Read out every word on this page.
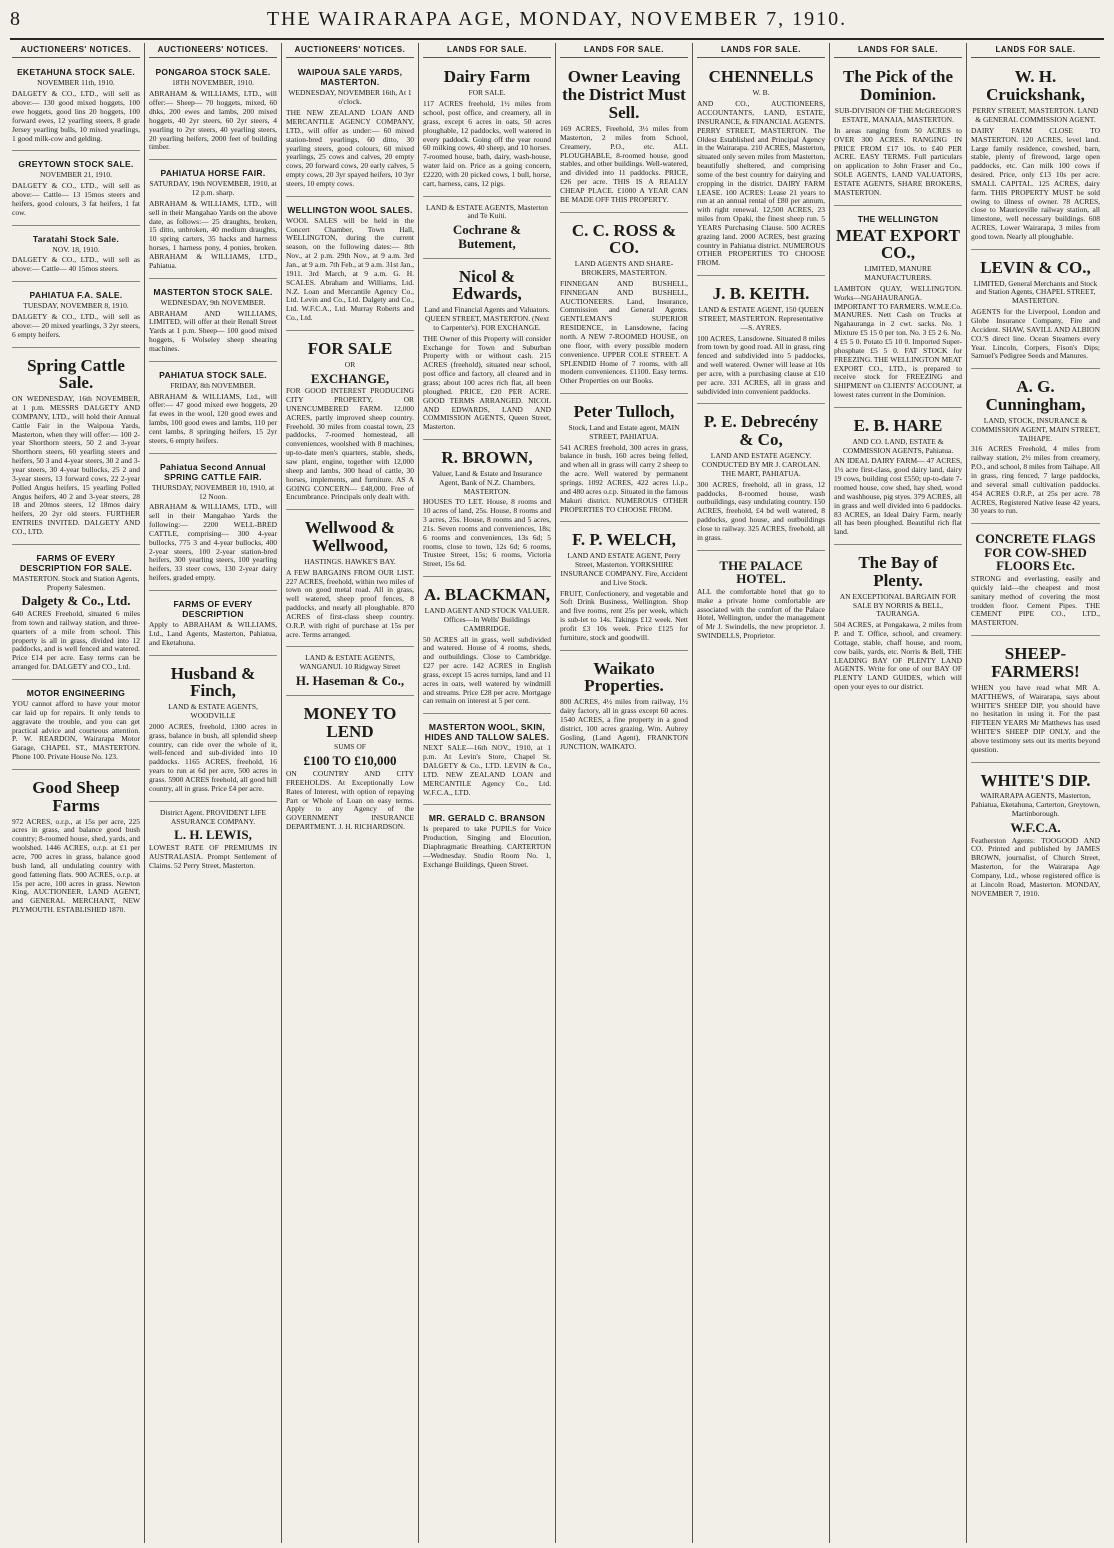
8	THE WAIRARAPA AGE, MONDAY, NOVEMBER 7, 1910.
AUCTIONEERS' NOTICES.
EKETAHUNA STOCK SALE.
NOVEMBER 11th, 1910.
DALGETY & CO., LTD., will sell as above:— 130 good mixed hoggets, 100 ewe hoggets, good lins 20 hoggets, 100 forward ewes, 12 yearling steers, 8 grade Jersey yearling bulls, 10 mixed yearlings, 1 good milk-cow and gelding.
GREYTOWN STOCK SALE.
NOVEMBER 21, 1910.
DALGETY & CO., LTD., will sell as above:— Cattle— 13 15mos steers and heifers, good colours, 3 fat heifers, 1 fat cow.
Taratahi Stock Sale.
NOV. 18, 1910.
DALGETY & CO., LTD., will sell as above:— Cattle— 40 15mos steers.
PAHIATUA F.A. SALE.
TUESDAY, NOVEMBER 8, 1910.
DALGETY & CO., LTD., will sell as above:— 20 mixed yearlings, 3 2yr steers, 6 empty heifers.
Spring Cattle Sale.
ON WEDNESDAY, 16th NOVEMBER, at 1 p.m. MESSRS DALGETY AND COMPANY, LTD., will hold their Annual Cattle Fair in the Waipoua Yards, Masterton, when they will offer:— 100 2-year Shorthorn steers, 50 2 and 3-year Shorthorn steers, 60 yearling steers and heifers, 50 3 and 4-year steers, 30 2 and 3-year steers, 30 4-year bullocks, 25 2 and 3-year steers, 13 forward cows, 22 2-year Polled Angus heifers, 15 yearling Polled Angus heifers, 40 2 and 3-year steers, 28 18 and 20mos steers, 12 18mos dairy heifers, 20 2yr old steers. FURTHER ENTRIES INVITED. DALGETY AND CO., LTD.
FARMS OF EVERY DESCRIPTION FOR SALE.
MASTERTON. Stock and Station Agents, Property Salesmen.
Dalgety & Co., Ltd.
640 ACRES Freehold, situated 6 miles from town and railway station, and three-quarters of a mile from school. This property is all in grass, divided into 12 paddocks, and is well fenced and watered. Price £14 per acre. Easy terms can be arranged for. DALGETY and CO., Ltd.
MOTOR ENGINEERING
YOU cannot afford to have your motor car laid up for repairs. It only tends to aggravate the trouble, and you can get practical advice and courteous attention. P. W. REARDON, Wairarapa Motor Garage, CHAPEL ST., MASTERTON. Phone 100. Private House No. 123.
Good Sheep Farms
972 ACRES, o.r.p., at 15s per acre, 225 acres in grass, and balance good bush country; 8-roomed house, shed, yards, and woolshed. 1446 ACRES, o.r.p. at £1 per acre, 700 acres in grass, balance good bush land, all undulating country with good fattening flats. 900 ACRES, o.r.p. at 15s per acre, 100 acres in grass. Newton King, AUCTIONEER, LAND AGENT, and GENERAL MERCHANT, NEW PLYMOUTH. ESTABLISHED 1870.
AUCTIONEERS' NOTICES.
PONGAROA STOCK SALE.
18TH NOVEMBER, 1910.
ABRAHAM & WILLIAMS, LTD., will offer:— Sheep— 70 hoggets, mixed, 60 dhks, 200 ewes and lambs, 200 mixed hoggets, 40 2yr steers, 60 2yr steers, 4 yearling to 2yr steers, 40 yearling steers, 20 yearling heifers, 2000 feet of building timber.
PAHIATUA HORSE FAIR.
SATURDAY, 19th NOVEMBER, 1910, at 12 p.m. sharp.
ABRAHAM & WILLIAMS, LTD., will sell in their Mangahao Yards on the above date, as follows:— 25 draughts, broken, 15 ditto, unbroken, 40 medium draughts, 10 spring carters, 35 hacks and harness horses, 1 harness pony, 4 ponies, broken. ABRAHAM & WILLIAMS, LTD., Pahiatua.
MASTERTON STOCK SALE.
WEDNESDAY, 9th NOVEMBER.
ABRAHAM AND WILLIAMS, LIMITED, will offer at their Renall Street Yards at 1 p.m. Sheep— 100 good mixed hoggets, 6 Wolseley sheep shearing machines.
PAHIATUA STOCK SALE.
FRIDAY, 8th NOVEMBER.
ABRAHAM & WILLIAMS, Ltd., will offer:— 47 good mixed ewe hoggets, 20 fat ewes in the wool, 120 good ewes and lambs, 100 good ewes and lambs, 110 per cent lambs, 8 springing heifers, 15 2yr steers, 6 empty heifers.
Pahiatua Second Annual SPRING CATTLE FAIR.
THURSDAY, NOVEMBER 10, 1910, at 12 Noon.
ABRAHAM & WILLIAMS, LTD., will sell in their Mangahao Yards the following:— 2200 WELL-BRED CATTLE, comprising— 300 4-year bullocks, 775 3 and 4-year bullocks, 400 2-year steers, 100 2-year station-bred heifers, 300 yearling steers, 100 yearling heifers, 33 steer cows, 130 2-year dairy heifers, graded empty.
FARMS OF EVERY DESCRIPTION
Apply to ABRAHAM & WILLIAMS, Ltd., Land Agents, Masterton, Pahiatua, and Eketahuna.
Husband & Finch,
LAND & ESTATE AGENTS, WOODVILLE
2000 ACRES, freehold, 1300 acres in grass, balance in bush, all splendid sheep country, can ride over the whole of it, well-fenced and sub-divided into 10 paddocks. 1165 ACRES, freehold, 16 years to run at 6d per acre, 500 acres in grass. 5900 ACRES freehold, all good hill country, all in grass. Price £4 per acre.
District Agent. PROVIDENT LIFE ASSURANCE COMPANY.
L. H. LEWIS,
LOWEST RATE OF PREMIUMS IN AUSTRALASIA. Prompt Settlement of Claims. 52 Perry Street, Masterton.
AUCTIONEERS' NOTICES.
WAIPOUA SALE YARDS, MASTERTON.
WEDNESDAY, NOVEMBER 16th, At 1 o'clock.
THE NEW ZEALAND LOAN AND MERCANTILE AGENCY COMPANY, LTD., will offer as under:— 60 mixed station-bred yearlings, 60 ditto, 30 yearling steers, good colours, 60 mixed yearlings, 25 cows and calves, 20 empty cows, 20 forward cows, 20 early calves, 5 empty cows, 20 3yr spayed heifers, 10 3yr steers, 10 empty cows.
WELLINGTON WOOL SALES.
WOOL SALES will be held in the Concert Chamber, Town Hall, WELLINGTON, during the current season, on the following dates:— 8th Nov., at 2 p.m. 29th Nov., at 9 a.m. 3rd Jan., at 9 a.m. 7th Feb., at 9 a.m. 31st Jan., 1911. 3rd March, at 9 a.m. G. H. SCALES. Abraham and Williams, Ltd. N.Z. Loan and Mercantile Agency Co., Ltd. Levin and Co., Ltd. Dalgety and Co., Ltd. W.F.C.A., Ltd. Murray Roberts and Co., Ltd.
FOR SALE
OR
EXCHANGE,
FOR GOOD INTEREST PRODUCING CITY PROPERTY, OR UNENCUMBERED FARM. 12,000 ACRES, partly improved sheep country. Freehold. 30 miles from coastal town, 23 paddocks, 7-roomed homestead, all conveniences, woolshed with 8 machines, up-to-date men's quarters, stable, sheds, saw plant, engine, together with 12,000 sheep and lambs, 300 head of cattle, 30 horses, implements, and furniture. AS A GOING CONCERN— £48,000. Free of Encumbrance. Principals only dealt with.
Wellwood & Wellwood,
HASTINGS. HAWKE'S BAY.
A FEW BARGAINS FROM OUR LIST. 227 ACRES, freehold, within two miles of town on good metal road. All in grass, well watered, sheep proof fences, 8 paddocks, and nearly all ploughable. 870 ACRES of first-class sheep country. O.R.P. with right of purchase at 15s per acre. Terms arranged.
LAND & ESTATE AGENTS, WANGANUI. 10 Ridgway Street
H. Haseman & Co.,
MONEY TO LEND
SUMS OF
£100 TO £10,000
ON COUNTRY AND CITY FREEHOLDS. At Exceptionally Low Rates of Interest, with option of repaying Part or Whole of Loan on easy terms. Apply to any Agency of the GOVERNMENT INSURANCE DEPARTMENT. J. H. RICHARDSON.
LANDS FOR SALE.
Dairy Farm
FOR SALE.
117 ACRES freehold, 1½ miles from school, post office, and creamery, all in grass, except 6 acres in oats, 50 acres ploughable, 12 paddocks, well watered in every paddock. Going off the year round 60 milking cows, 40 sheep, and 10 horses. 7-roomed house, bath, dairy, wash-house, water laid on. Price as a going concern, £2220, with 20 picked cows, 1 bull, horse, cart, harness, cans, 12 pigs.
LAND & ESTATE AGENTS, Masterton and Te Kuiti.
Cochrane & Butement,
Nicol & Edwards,
Land and Financial Agents and Valuators. QUEEN STREET, MASTERTON. (Next to Carpenter's). FOR EXCHANGE.
THE Owner of this Property will consider Exchange for Town and Suburban Property with or without cash. 215 ACRES (freehold), situated near school, post office and factory, all cleared and in grass; about 100 acres rich flat, all been ploughed. PRICE, £20 PER ACRE. GOOD TERMS ARRANGED. NICOL AND EDWARDS, LAND AND COMMISSION AGENTS, Queen Street, Masterton.
R. BROWN,
Valuer, Land & Estate and Insurance Agent, Bank of N.Z. Chambers, MASTERTON.
HOUSES TO LET. House, 8 rooms and 10 acres of land, 25s. House, 8 rooms and 3 acres, 25s. House, 8 rooms and 5 acres, 21s. Seven rooms and conveniences, 18s; 6 rooms and conveniences, 13s 6d; 5 rooms, close to town, 12s 6d; 6 rooms, Trustee Street, 15s; 6 rooms, Victoria Street, 15s 6d.
A. BLACKMAN,
LAND AGENT AND STOCK VALUER. Offices—In Wells' Buildings CAMBRIDGE.
50 ACRES all in grass, well subdivided and watered. House of 4 rooms, sheds, and outbuildings. Close to Cambridge. £27 per acre. 142 ACRES in English grass, except 15 acres turnips, land and 11 acres in oats, well watered by windmill and streams. Price £28 per acre. Mortgage can remain on interest at 5 per cent.
MASTERTON WOOL, SKIN, HIDES AND TALLOW SALES.
NEXT SALE—16th NOV., 1910, at 1 p.m. At Levin's Store, Chapel St. DALGETY & Co., LTD. LEVIN & Co., LTD. NEW ZEALAND LOAN and MERCANTILE Agency Co., Ltd. W.F.C.A., LTD.
MR. GERALD C. BRANSON
Is prepared to take PUPILS for Voice Production, Singing and Elocution, Diaphragmatic Breathing. CARTERTON—Wednesday. Studio Room No. 1, Exchange Buildings, Queen Street.
LANDS FOR SALE.
Owner Leaving the District Must Sell.
169 ACRES, Freehold, 3½ miles from Masterton, 2 miles from School, Creamery, P.O., etc. ALL PLOUGHABLE, 8-roomed house, good stables, and other buildings. Well-watered, and divided into 11 paddocks. PRICE, £26 per acre. THIS IS A REALLY CHEAP PLACE. £1000 A YEAR CAN BE MADE OFF THIS PROPERTY.
C. C. ROSS & CO.
LAND AGENTS AND SHARE-BROKERS, MASTERTON.
FINNEGAN AND BUSHELL, FINNEGAN AND BUSHELL, AUCTIONEERS. Land, Insurance, Commission and General Agents. GENTLEMAN'S SUPERIOR RESIDENCE, in Lansdowne, facing north. A NEW 7-ROOMED HOUSE, on one floor, with every possible modern convenience. UPPER COLE STREET. A SPLENDID Home of 7 rooms, with all modern conveniences. £1100. Easy terms. Other Properties on our Books.
Peter Tulloch,
Stock, Land and Estate agent, MAIN STREET, PAHIATUA.
541 ACRES freehold, 300 acres in grass, balance in bush, 160 acres being felled, and when all in grass will carry 2 sheep to the acre. Well watered by permanent springs. 1092 ACRES, 422 acres l.i.p., and 480 acres o.r.p. Situated in the famous Makuri district. NUMEROUS OTHER PROPERTIES TO CHOOSE FROM.
F. P. WELCH,
LAND AND ESTATE AGENT, Perry Street, Masterton. YORKSHIRE INSURANCE COMPANY. Fire, Accident and Live Stock.
FRUIT, Confectionery, and vegetable and Soft Drink Business, Wellington. Shop and five rooms, rent 25s per week, which is sub-let to 14s. Takings £12 week. Nett profit £3 10s week. Price £125 for furniture, stock and goodwill.
Waikato Properties.
800 ACRES, 4½ miles from railway, 1½ dairy factory, all in grass except 60 acres. 1540 ACRES, a fine property in a good district, 100 acres grazing. Wm. Aubrey Gosling, (Land Agent), FRANKTON JUNCTION, WAIKATO.
LANDS FOR SALE.
CHENNELLS
W. B.
AND CO., AUCTIONEERS, ACCOUNTANTS, LAND, ESTATE, INSURANCE, & FINANCIAL AGENTS. PERRY STREET, MASTERTON. The Oldest Established and Principal Agency in the Wairarapa. 210 ACRES, Masterton, situated only seven miles from Masterton, beautifully sheltered, and comprising some of the best country for dairying and cropping in the district. DAIRY FARM LEASE. 100 ACRES: Lease 21 years to run at an annual rental of £80 per annum, with right renewal. 12,500 ACRES, 23 miles from Opaki, the finest sheep run. 5 YEARS Purchasing Clause. 500 ACRES grazing land. 2000 ACRES, best grazing country in Pahiatua district. NUMEROUS OTHER PROPERTIES TO CHOOSE FROM.
J. B. KEITH.
LAND & ESTATE AGENT, 150 QUEEN STREET, MASTERTON. Representative—S. AYRES.
100 ACRES, Lansdowne. Situated 8 miles from town by good road. All in grass, ring fenced and subdivided into 5 paddocks, and well watered. Owner will lease at 10s per acre, with a purchasing clause at £10 per acre. 331 ACRES, all in grass and subdivided into convenient paddocks.
P. E. Debrecény & Co,
LAND AND ESTATE AGENCY. CONDUCTED BY MR J. CAROLAN. THE MART, PAHIATUA.
300 ACRES, freehold, all in grass, 12 paddocks, 8-roomed house, wash outbuildings, easy undulating country. 150 ACRES, freehold, £4 bd well watered, 8 paddocks, good house, and outbuildings close to railway. 325 ACRES, freehold, all in grass.
THE PALACE HOTEL.
ALL the comfortable hotel that go to make a private home comfortable are associated with the comfort of the Palace Hotel, Wellington, under the management of Mr J. Swindells, the new proprietor. J. SWINDELLS, Proprietor.
LANDS FOR SALE.
The Pick of the Dominion.
SUB-DIVISION OF THE McGREGOR'S ESTATE, MANAIA, MASTERTON.
In areas ranging from 50 ACRES to OVER 300 ACRES. RANGING IN PRICE FROM £17 10s. to £40 PER ACRE. EASY TERMS. Full particulars on application to John Fraser and Co., SOLE AGENTS, LAND VALUATORS, ESTATE AGENTS, SHARE BROKERS, MASTERTON.
THE WELLINGTON
MEAT EXPORT CO.,
LIMITED, MANURE MANUFACTURERS.
LAMBTON QUAY, WELLINGTON. Works—NGAHAURANGA. IMPORTANT TO FARMERS. W.M.E.Co. MANURES. Nett Cash on Trucks at Ngahauranga in 2 cwt. sacks. No. 1 Mixture £5 15 0 per ton. No. 3 £5 2 6. No. 4 £5 5 0. Potato £5 10 0. Imported Super-phosphate £5 5 0. FAT STOCK for FREEZING. THE WELLINGTON MEAT EXPORT CO., LTD., is prepared to receive stock for FREEZING and SHIPMENT on CLIENTS' ACCOUNT, at lowest rates current in the Dominion.
E. B. HARE
AND CO. LAND, ESTATE & COMMISSION AGENTS, Pahiatua.
AN IDEAL DAIRY FARM— 47 ACRES, 1½ acre first-class, good dairy land, dairy 19 cows, building cost £550; up-to-date 7-roomed house, cow shed, hay shed, wood and washhouse, pig styes. 379 ACRES, all in grass and well divided into 6 paddocks. 83 ACRES, an Ideal Dairy Farm, nearly all has been ploughed. Beautiful rich flat land.
The Bay of Plenty.
AN EXCEPTIONAL BARGAIN FOR SALE BY NORRIS & BELL, TAURANGA.
504 ACRES, at Pongakawa, 2 miles from P. and T. Office, school, and creamery. Cottage, stable, chaff house, and room, cow bails, yards, etc. Norris & Bell, THE LEADING BAY OF PLENTY LAND AGENTS. Write for one of our BAY OF PLENTY LAND GUIDES, which will open your eyes to our district.
LANDS FOR SALE.
W. H. Cruickshank,
PERRY STREET, MASTERTON. LAND & GENERAL COMMISSION AGENT.
DAIRY FARM CLOSE TO MASTERTON. 120 ACRES, level land. Large family residence, cowshed, barn, stable, plenty of firewood, large open paddocks, etc. Can milk 100 cows if desired. Price, only £13 10s per acre. SMALL CAPITAL. 125 ACRES, dairy farm. THIS PROPERTY MUST be sold owing to illness of owner. 78 ACRES, close to Mauriceville railway station, all limestone, well necessary buildings. 608 ACRES, Lower Wairarapa, 3 miles from good town. Nearly all ploughable.
LEVIN & CO.,
LIMITED, General Merchants and Stock and Station Agents, CHAPEL STREET, MASTERTON.
AGENTS for the Liverpool, London and Globe Insurance Company, Fire and Accident. SHAW, SAVILL AND ALBION CO.'S direct line. Ocean Steamers every Year. Lincoln, Corpers, Fison's Dips; Samuel's Pedigree Seeds and Manures.
A. G. Cunningham,
LAND, STOCK, INSURANCE & COMMISSION AGENT, MAIN STREET, TAIHAPE.
316 ACRES Freehold, 4 miles from railway station, 2½ miles from creamery, P.O., and school, 8 miles from Taihape. All in grass, ring fenced, 7 large paddocks, and several small cultivation paddocks. 454 ACRES O.R.P., at 25s per acre. 78 ACRES, Registered Native lease 42 years, 30 years to run.
CONCRETE FLAGS FOR COW-SHED FLOORS Etc.
STRONG and everlasting, easily and quickly laid—the cheapest and most sanitary method of covering the most trodden floor. Cement Pipes. THE CEMENT PIPE CO., LTD., MASTERTON.
SHEEP-FARMERS!
WHEN you have read what MR A. MATTHEWS, of Wairarapa, says about WHITE'S SHEEP DIP, you should have no hesitation in using it. For the past FIFTEEN YEARS Mr Matthews has used WHITE'S SHEEP DIP ONLY, and the above testimony sets out its merits beyond question.
WHITE'S DIP.
WAIRARAPA AGENTS, Masterton, Pahiatua, Eketahuna, Carterton, Greytown, Martinborough.
W.F.C.A.
Featherston Agents: TOOGOOD AND CO. Printed and published by JAMES BROWN, journalist, of Church Street, Masterton, for the Wairarapa Age Company, Ltd., whose registered office is at Lincoln Road, Masterton. MONDAY, NOVEMBER 7, 1910.
